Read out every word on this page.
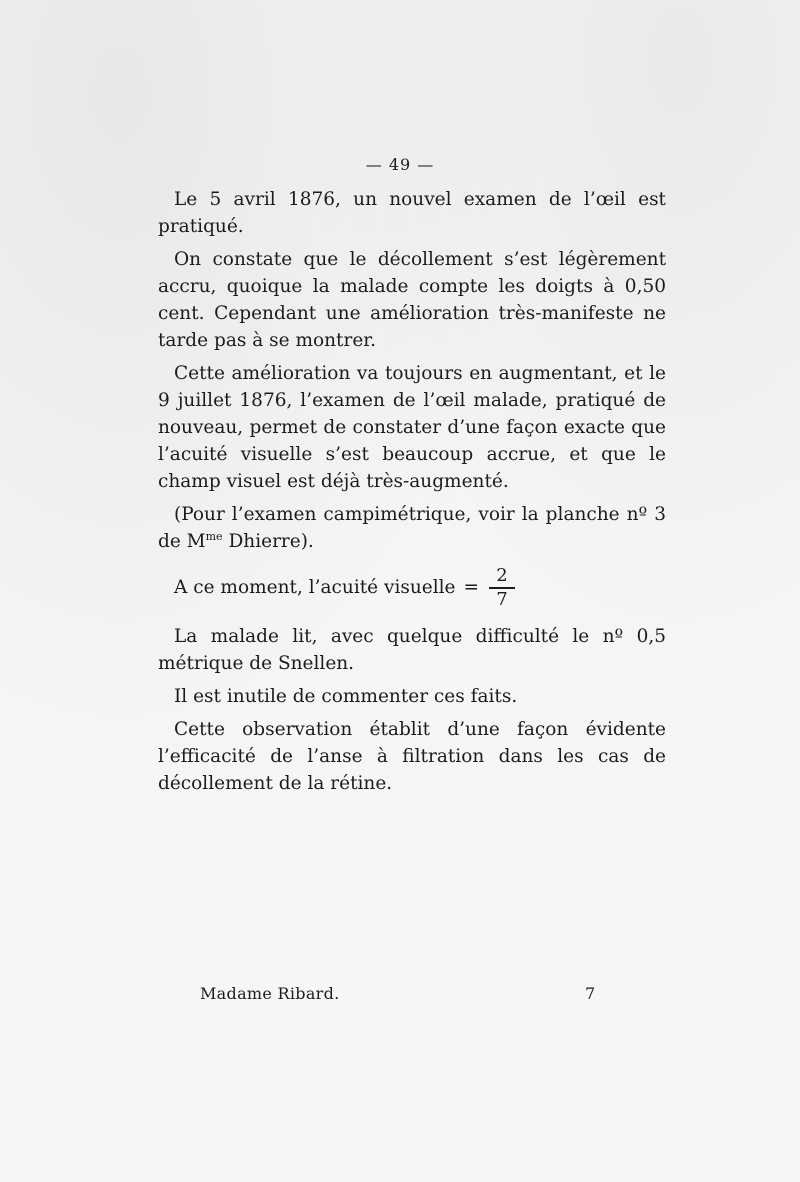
— 49 —

Le 5 avril 1876, un nouvel examen de l’œil est pratiqué.

On constate que le décollement s’est légèrement accru, quoique la malade compte les doigts à 0,50 cent. Cependant une amélioration très-manifeste ne tarde pas à se montrer.

Cette amélioration va toujours en augmentant, et le 9 juillet 1876, l’examen de l’œil malade, pratiqué de nouveau, permet de constater d’une façon exacte que l’acuité visuelle s’est beaucoup accrue, et que le champ visuel est déjà très-augmenté.

(Pour l’examen campimétrique, voir la planche nº 3 de $M^{me}$ Dhierre).

A ce moment, l’acuité visuelle = $\frac{2}{7}$

La malade lit, avec quelque difficulté le nº 0,5 métrique de Snellen.

Il est inutile de commenter ces faits.

Cette observation établit d’une façon évidente l’efficacité de l’anse à filtration dans les cas de décollement de la rétine.

Madame Ribard.	7
